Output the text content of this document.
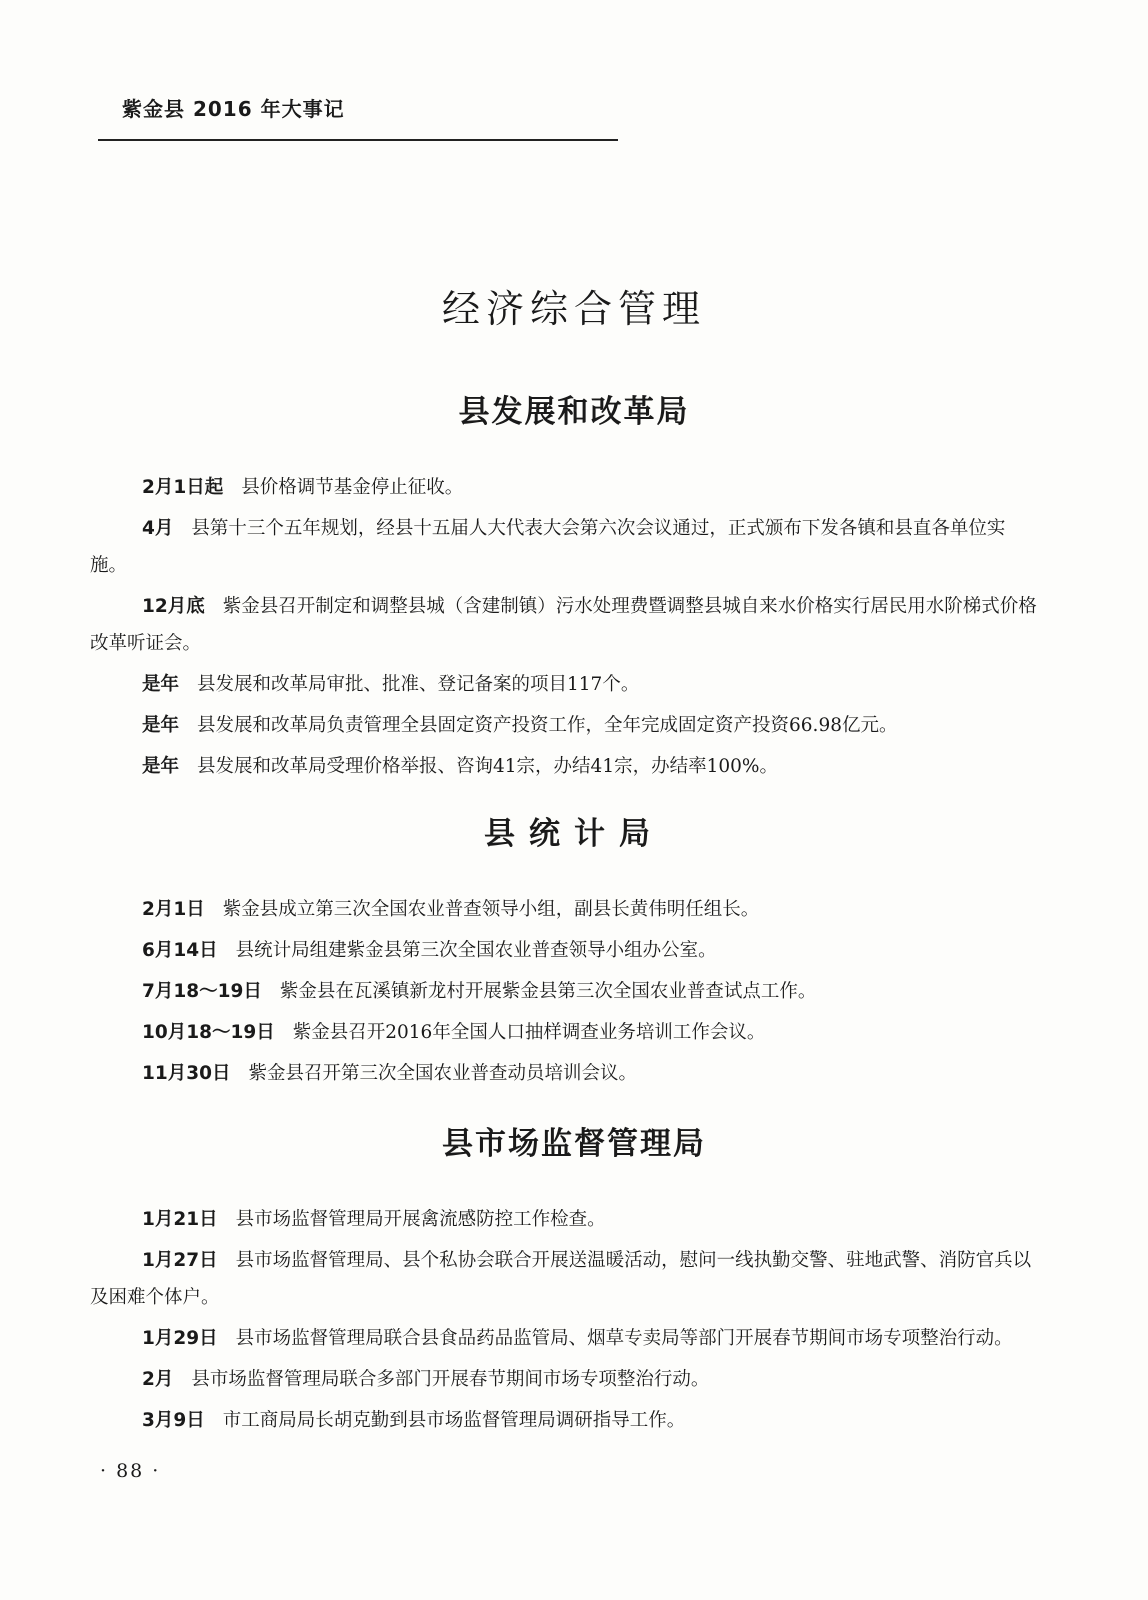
紫金县 2016 年大事记
经济综合管理
县发展和改革局

2月1日起 县价格调节基金停止征收。

4月 县第十三个五年规划，经县十五届人大代表大会第六次会议通过，正式颁布下发各镇和县直各单位实施。

12月底 紫金县召开制定和调整县城（含建制镇）污水处理费暨调整县城自来水价格实行居民用水阶梯式价格改革听证会。

是年 县发展和改革局审批、批准、登记备案的项目117个。

是年 县发展和改革局负责管理全县固定资产投资工作，全年完成固定资产投资66.98亿元。

是年 县发展和改革局受理价格举报、咨询41宗，办结41宗，办结率100%。

县统计局

2月1日 紫金县成立第三次全国农业普查领导小组，副县长黄伟明任组长。

6月14日 县统计局组建紫金县第三次全国农业普查领导小组办公室。

7月18～19日 紫金县在瓦溪镇新龙村开展紫金县第三次全国农业普查试点工作。

10月18～19日 紫金县召开2016年全国人口抽样调查业务培训工作会议。

11月30日 紫金县召开第三次全国农业普查动员培训会议。

县市场监督管理局

1月21日 县市场监督管理局开展禽流感防控工作检查。

1月27日 县市场监督管理局、县个私协会联合开展送温暖活动，慰问一线执勤交警、驻地武警、消防官兵以及困难个体户。

1月29日 县市场监督管理局联合县食品药品监管局、烟草专卖局等部门开展春节期间市场专项整治行动。

2月 县市场监督管理局联合多部门开展春节期间市场专项整治行动。

3月9日 市工商局局长胡克勤到县市场监督管理局调研指导工作。

· 88 ·
